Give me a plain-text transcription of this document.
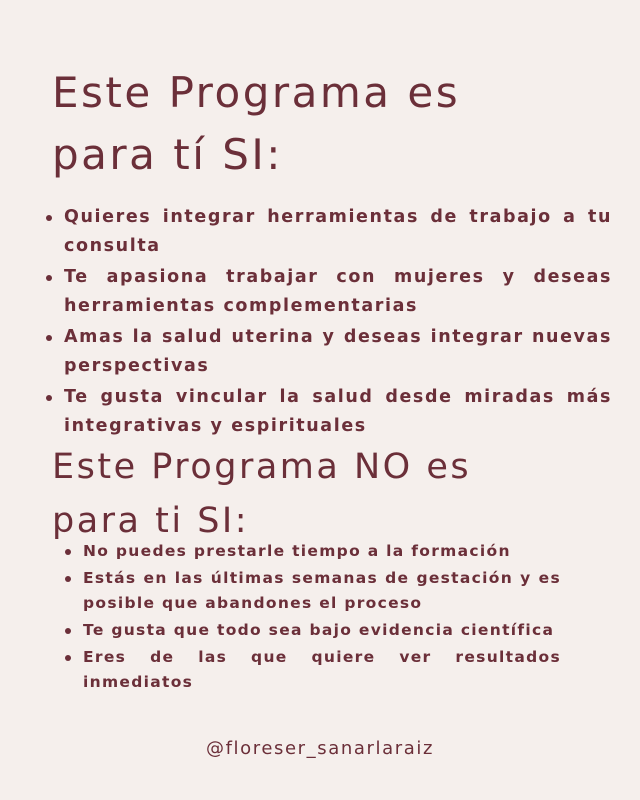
Este Programa es
para tí SI:
Quieres integrar herramientas de trabajo a tu consulta
Te apasiona trabajar con mujeres y deseas herramientas complementarias
Amas la salud uterina y deseas integrar nuevas perspectivas
Te gusta vincular la salud desde miradas más integrativas y espirituales
Este Programa NO es
para ti SI:
No puedes prestarle tiempo a la formación
Estás en las últimas semanas de gestación y es posible que abandones el proceso
Te gusta que todo sea bajo evidencia científica
Eres de las que quiere ver resultados inmediatos
@floreser_sanarlaraiz
